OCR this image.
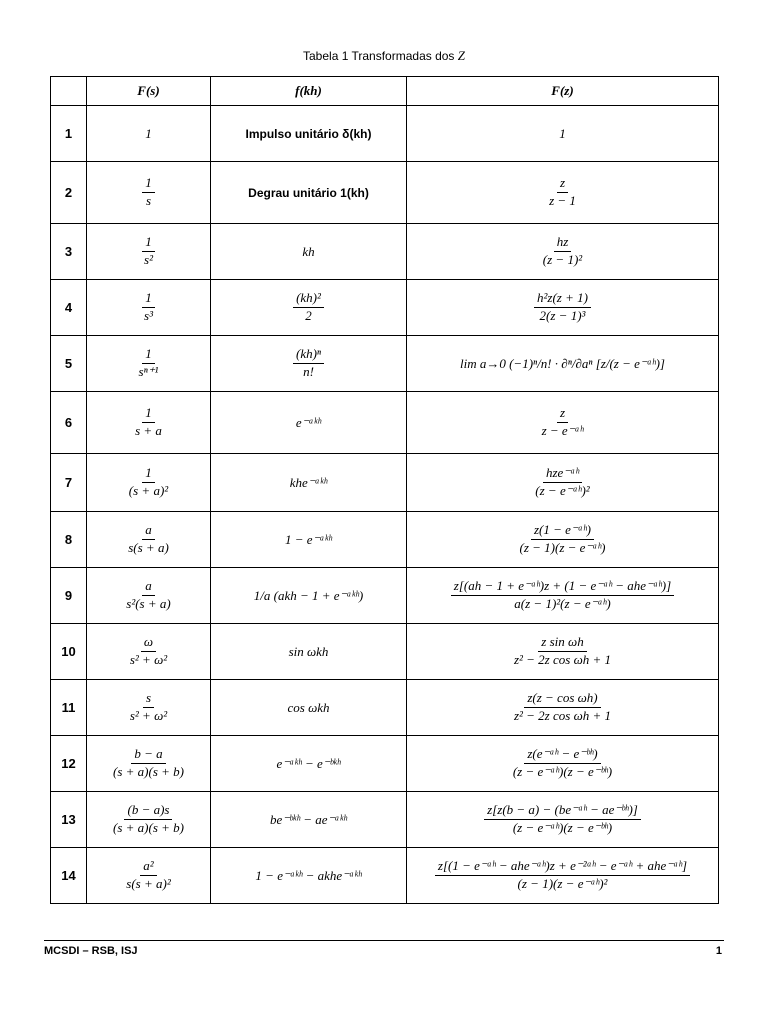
Tabela 1 Transformadas dos Z
	F(s)	f(kh)	F(z)
1	1	Impulso unitário δ(kh)	1
2	$\frac{1}{s}$	Degrau unitário 1(kh)	$\frac{z}{z - 1}$

3	$\frac{1}{\text{s²}}$	kh	$\frac{hz}{\text{(z − 1)²}}$

4	$\frac{1}{\text{s³}}$	$\frac{\text{(kh)²}}{2}$	$\frac{\text{h²z(z + 1)}}{\text{2(z − 1)³}}$

5	$\frac{1}{\text{sⁿ⁺¹}}$	$\frac{\text{(kh)ⁿ}}{n!}$	lim a→0 (−1)ⁿ/n! · ∂ⁿ/∂aⁿ [z/(z − e⁻ᵃʰ)]
6	$\frac{1}{s + a}$	e⁻ᵃᵏʰ	$\frac{z}{\text{z − e⁻ᵃʰ}}$

7	$\frac{1}{\text{(s + a)²}}$	khe⁻ᵃᵏʰ	$\frac{\text{hze⁻ᵃʰ}}{\text{(z − e⁻ᵃʰ)²}}$

8	$\frac{a}{s(s + a)}$	1 − e⁻ᵃᵏʰ	$\frac{\text{z(1 − e⁻ᵃʰ)}}{\text{(z − 1)(z − e⁻ᵃʰ)}}$

9	$\frac{a}{\text{s²(s + a)}}$	1/a (akh − 1 + e⁻ᵃᵏʰ)	$\frac{\text{z[(ah − 1 + e⁻ᵃʰ)z + (1 − e⁻ᵃʰ − ahe⁻ᵃʰ)]}}{\text{a(z − 1)²(z − e⁻ᵃʰ)}}$

10	$\frac{\omega}{\text{s² + ω²}}$	sin ωkh	$\frac{\text{z sin ωh}}{\text{z² − 2z cos ωh + 1}}$

11	$\frac{s}{\text{s² + ω²}}$	cos ωkh	$\frac{\text{z(z − cos ωh)}}{\text{z² − 2z cos ωh + 1}}$

12	$\frac{b - a}{(s + a)(s + b)}$	e⁻ᵃᵏʰ − e⁻ᵇᵏʰ	$\frac{\text{z(e⁻ᵃʰ − e⁻ᵇʰ)}}{\text{(z − e⁻ᵃʰ)(z − e⁻ᵇʰ)}}$

13	$\frac{(b - a)s}{(s + a)(s + b)}$	be⁻ᵇᵏʰ − ae⁻ᵃᵏʰ	$\frac{\text{z[z(b − a) − (be⁻ᵃʰ − ae⁻ᵇʰ)]}}{\text{(z − e⁻ᵃʰ)(z − e⁻ᵇʰ)}}$

14	$\frac{\text{a²}}{\text{s(s + a)²}}$	1 − e⁻ᵃᵏʰ − akhe⁻ᵃᵏʰ	$\frac{\text{z[(1 − e⁻ᵃʰ − ahe⁻ᵃʰ)z + e⁻²ᵃʰ − e⁻ᵃʰ + ahe⁻ᵃʰ]}}{\text{(z − 1)(z − e⁻ᵃʰ)²}}$
MCSDI – RSB, ISJ	1
